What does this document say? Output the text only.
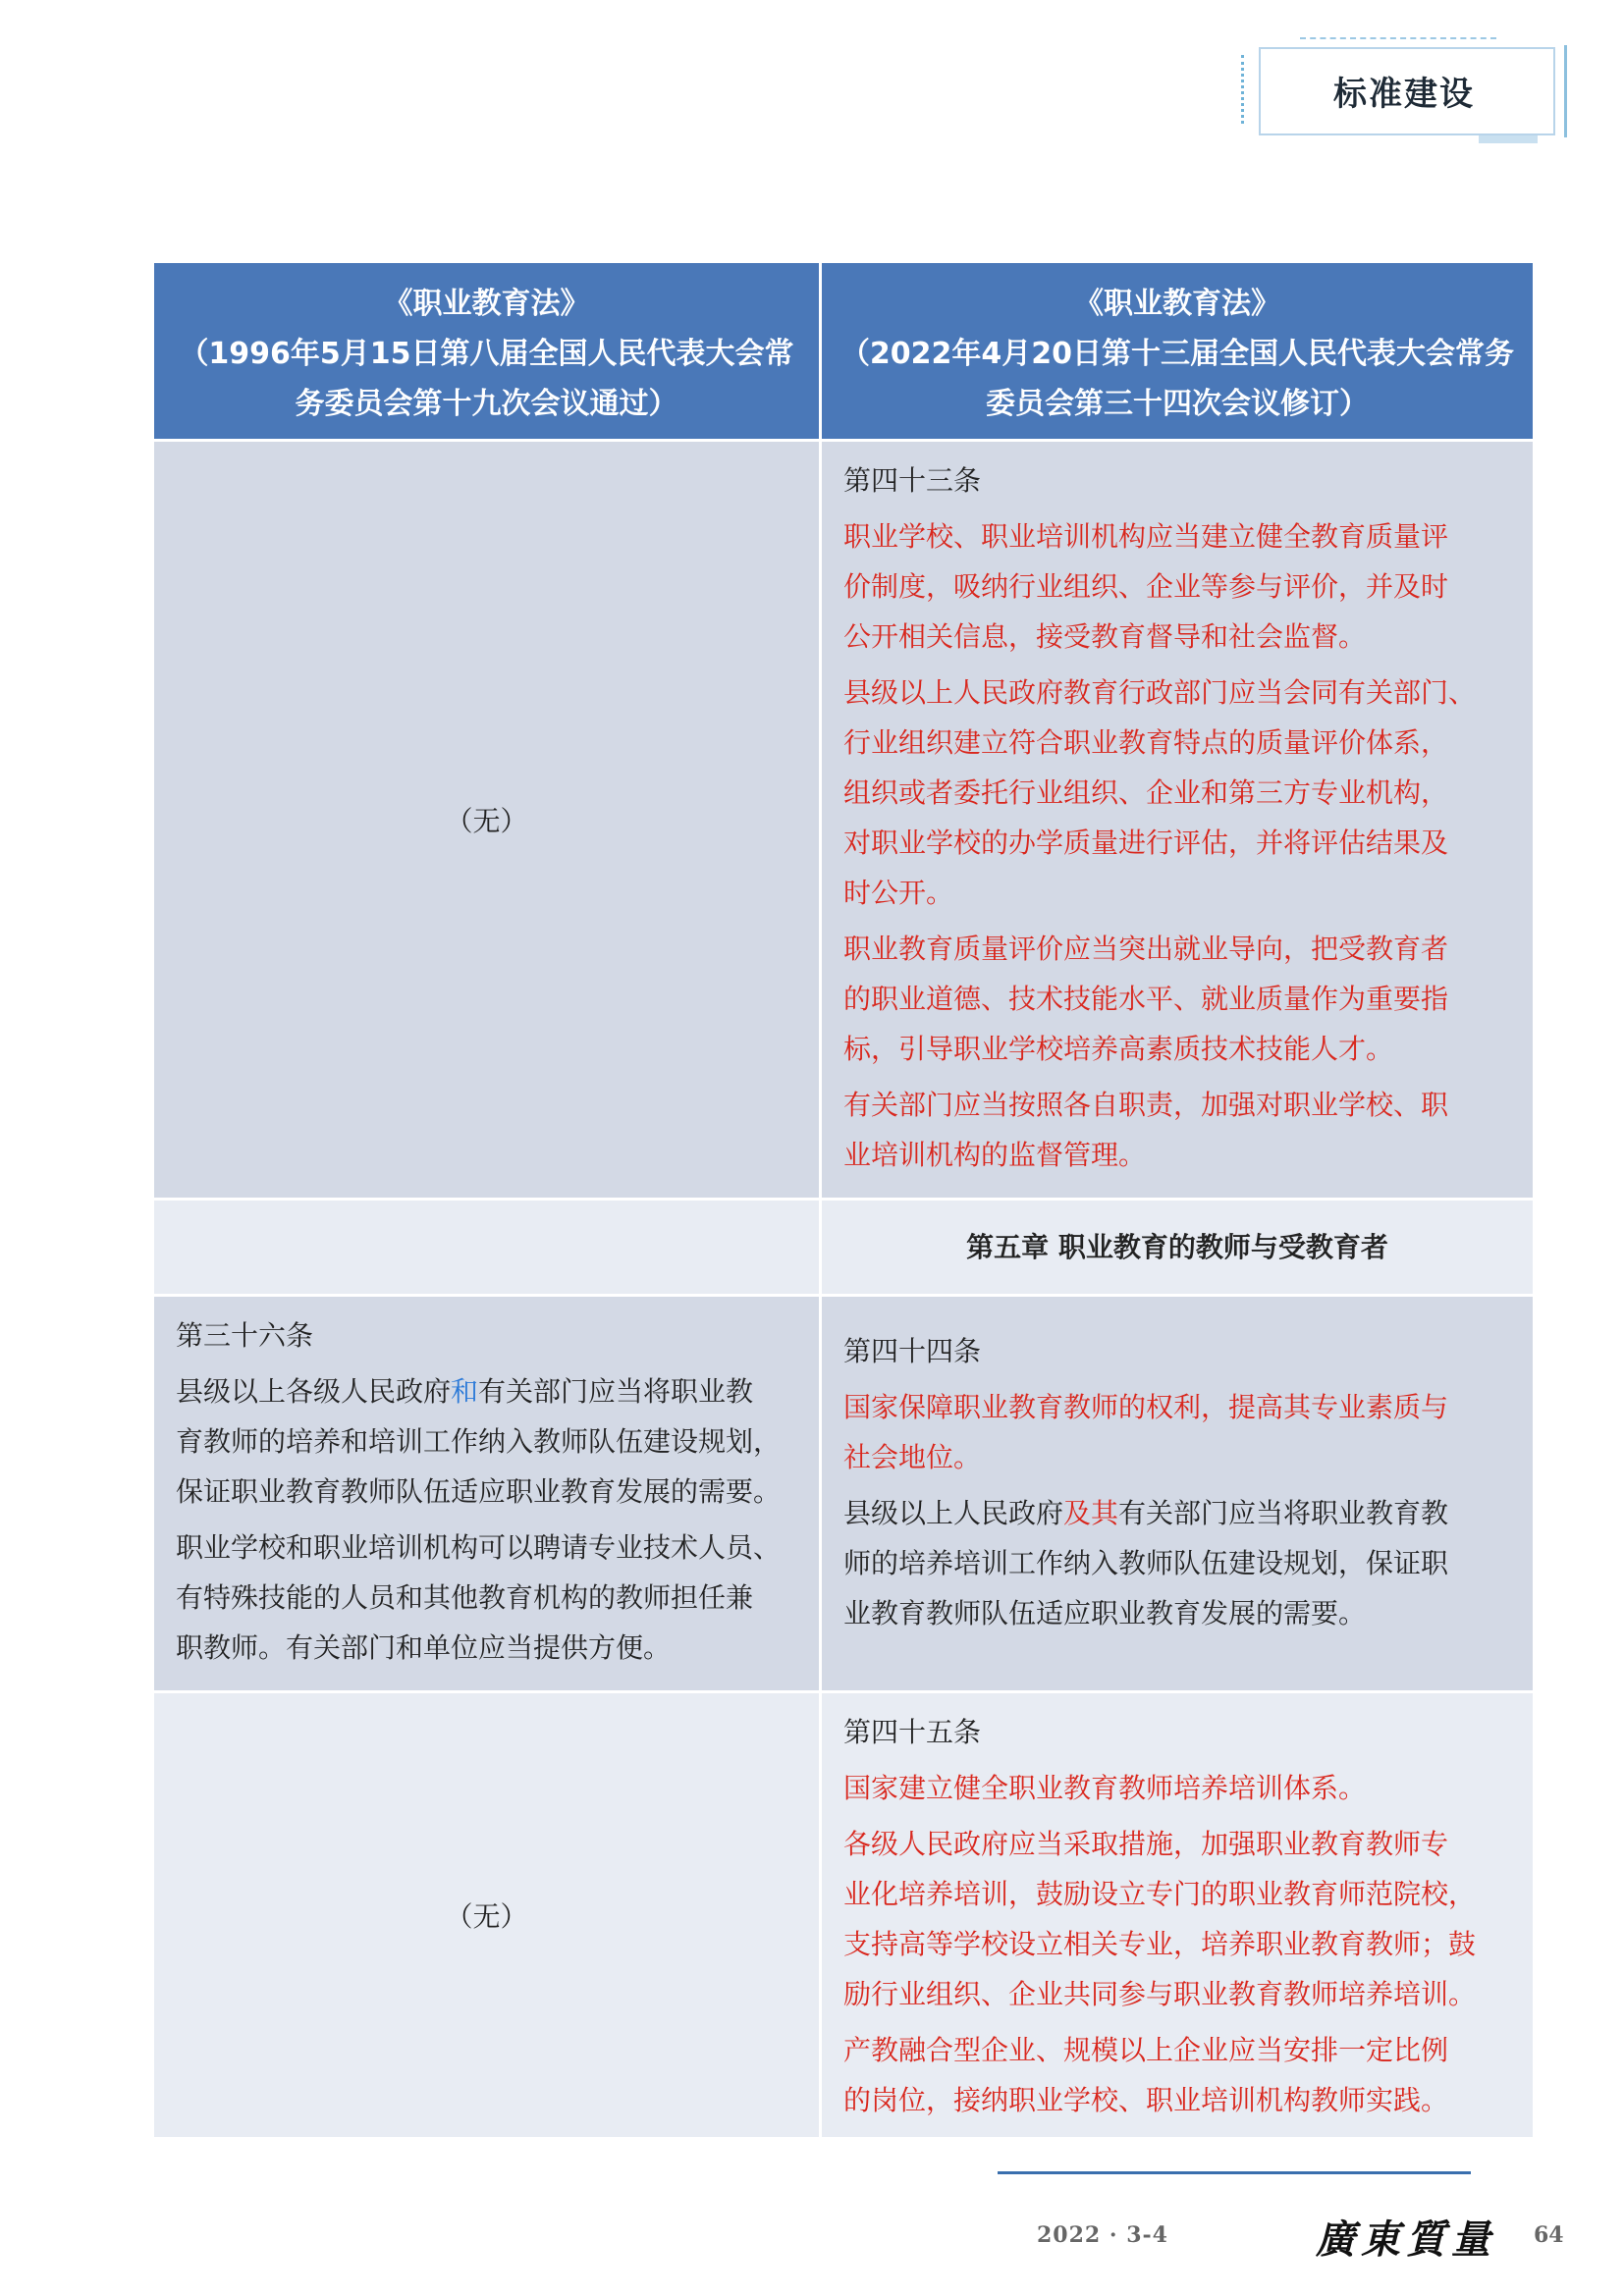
标准建设
《职业教育法》
（1996年5月15日第八届全国人民代表大会常
务委员会第十九次会议通过）
《职业教育法》
（2022年4月20日第十三届全国人民代表大会常务
委员会第三十四次会议修订）
（无）

第四十三条

职业学校、职业培训机构应当建立健全教育质量评

价制度，吸纳行业组织、企业等参与评价，并及时

公开相关信息，接受教育督导和社会监督。

县级以上人民政府教育行政部门应当会同有关部门、

行业组织建立符合职业教育特点的质量评价体系，

组织或者委托行业组织、企业和第三方专业机构，

对职业学校的办学质量进行评估，并将评估结果及

时公开。

职业教育质量评价应当突出就业导向，把受教育者

的职业道德、技术技能水平、就业质量作为重要指

标，引导职业学校培养高素质技术技能人才。

有关部门应当按照各自职责，加强对职业学校、职

业培训机构的监督管理。

第五章 职业教育的教师与受教育者

第三十六条

县级以上各级人民政府和有关部门应当将职业教

育教师的培养和培训工作纳入教师队伍建设规划，

保证职业教育教师队伍适应职业教育发展的需要。

职业学校和职业培训机构可以聘请专业技术人员、

有特殊技能的人员和其他教育机构的教师担任兼

职教师。有关部门和单位应当提供方便。

第四十四条

国家保障职业教育教师的权利，提高其专业素质与

社会地位。

县级以上人民政府及其有关部门应当将职业教育教

师的培养培训工作纳入教师队伍建设规划，保证职

业教育教师队伍适应职业教育发展的需要。

（无）

第四十五条

国家建立健全职业教育教师培养培训体系。

各级人民政府应当采取措施，加强职业教育教师专

业化培养培训，鼓励设立专门的职业教育师范院校，

支持高等学校设立相关专业，培养职业教育教师；鼓

励行业组织、企业共同参与职业教育教师培养培训。

产教融合型企业、规模以上企业应当安排一定比例

的岗位，接纳职业学校、职业培训机构教师实践。

2022 · 3-4	廣東質量 64
